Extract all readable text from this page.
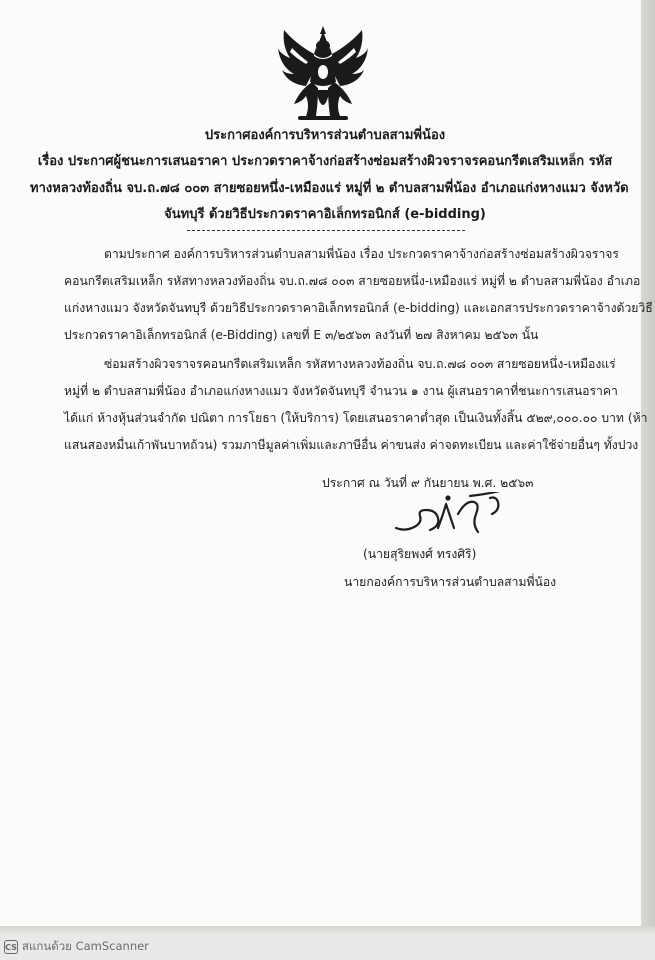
ประกาศองค์การบริหารส่วนตำบลสามพี่น้อง
เรื่อง ประกาศผู้ชนะการเสนอราคา ประกวดราคาจ้างก่อสร้างซ่อมสร้างผิวจราจรคอนกรีตเสริมเหล็ก รหัส
ทางหลวงท้องถิ่น จบ.ถ.๗๘ ๐๐๓ สายซอยหนึ่ง-เหมืองแร่ หมู่ที่ ๒ ตำบลสามพี่น้อง อำเภอแก่งหางแมว จังหวัด
จันทบุรี ด้วยวิธีประกวดราคาอิเล็กทรอนิกส์ (e-bidding)
ตามประกาศ องค์การบริหารส่วนตำบลสามพี่น้อง เรื่อง ประกวดราคาจ้างก่อสร้างซ่อมสร้างผิวจราจร
คอนกรีตเสริมเหล็ก รหัสทางหลวงท้องถิ่น จบ.ถ.๗๘ ๐๐๓ สายซอยหนึ่ง-เหมืองแร่ หมู่ที่ ๒ ตำบลสามพี่น้อง อำเภอ
แก่งหางแมว จังหวัดจันทบุรี ด้วยวิธีประกวดราคาอิเล็กทรอนิกส์ (e-bidding) และเอกสารประกวดราคาจ้างด้วยวิธี
ประกวดราคาอิเล็กทรอนิกส์ (e-Bidding) เลขที่ E ๓/๒๕๖๓ ลงวันที่ ๒๗ สิงหาคม ๒๕๖๓ นั้น
ซ่อมสร้างผิวจราจรคอนกรีตเสริมเหล็ก รหัสทางหลวงท้องถิ่น จบ.ถ.๗๘ ๐๐๓ สายซอยหนึ่ง-เหมืองแร่
หมู่ที่ ๒ ตำบลสามพี่น้อง อำเภอแก่งหางแมว จังหวัดจันทบุรี จำนวน ๑ งาน ผู้เสนอราคาที่ชนะการเสนอราคา
ได้แก่ ห้างหุ้นส่วนจำกัด ปณิตา การโยธา (ให้บริการ) โดยเสนอราคาต่ำสุด เป็นเงินทั้งสิ้น ๕๒๙,๐๐๐.๐๐ บาท (ห้า
แสนสองหมื่นเก้าพันบาทถ้วน) รวมภาษีมูลค่าเพิ่มและภาษีอื่น ค่าขนส่ง ค่าจดทะเบียน และค่าใช้จ่ายอื่นๆ ทั้งปวง
ประกาศ ณ วันที่ ๙ กันยายน พ.ศ. ๒๕๖๓
(นายสุริยพงศ์ ทรงศิริ)
นายกองค์การบริหารส่วนตำบลสามพี่น้อง
CS สแกนด้วย CamScanner
